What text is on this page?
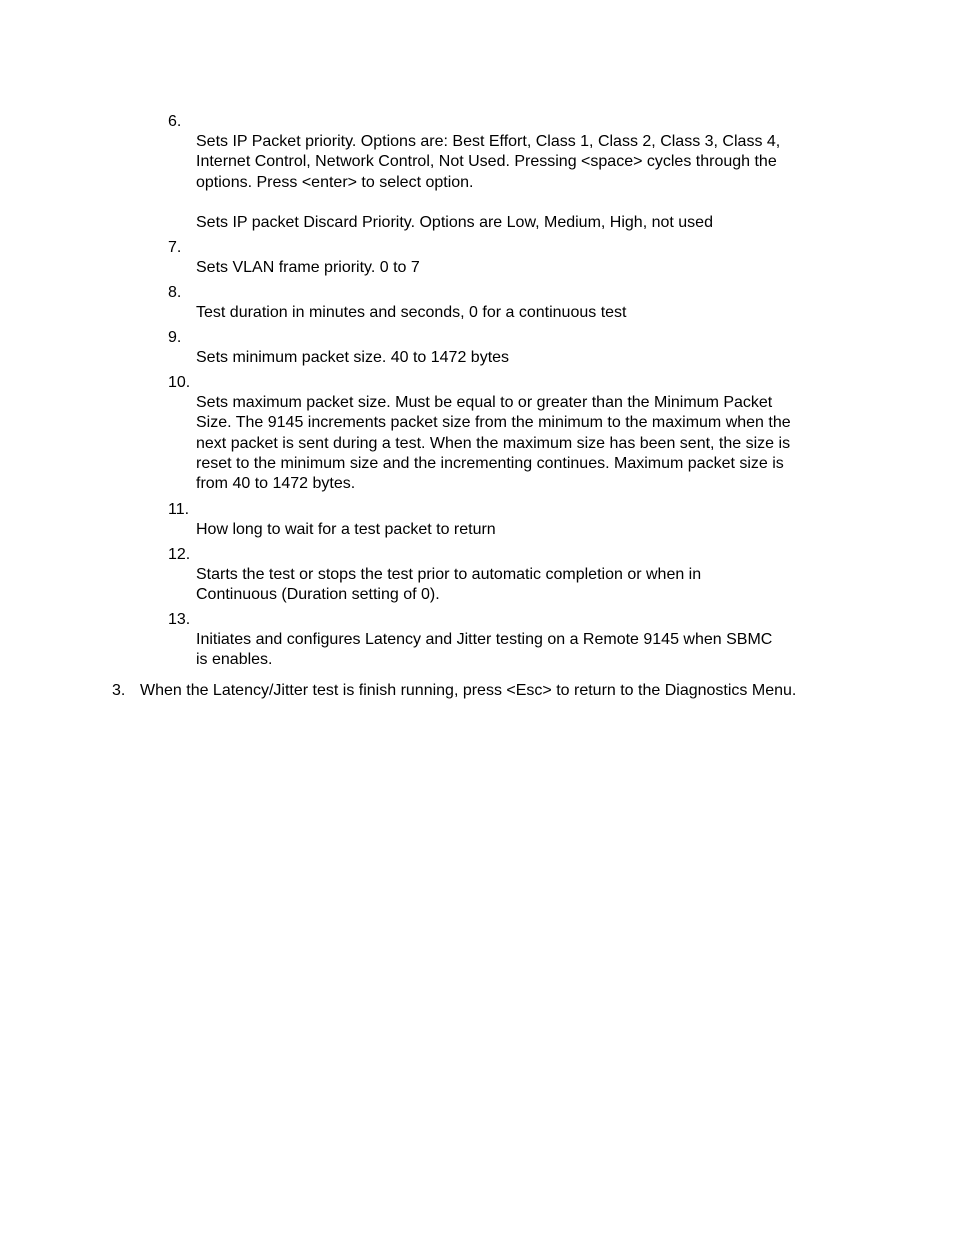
6.

Sets IP Packet priority. Options are: Best Effort, Class 1, Class 2, Class 3, Class 4, Internet Control, Network Control, Not Used. Pressing <space> cycles through the options. Press <enter> to select option.

Sets IP packet Discard Priority. Options are Low, Medium, High, not used

7.

Sets VLAN frame priority. 0 to 7

8.

Test duration in minutes and seconds, 0 for a continuous test

9.

Sets minimum packet size. 40 to 1472 bytes

10.

Sets maximum packet size. Must be equal to or greater than the Minimum Packet Size. The 9145 increments packet size from the minimum to the maximum when the next packet is sent during a test. When the maximum size has been sent, the size is reset to the minimum size and the incrementing continues. Maximum packet size is from 40 to 1472 bytes.

11.

How long to wait for a test packet to return

12.

Starts the test or stops the test prior to automatic completion or when in Continuous (Duration setting of 0).

13.

Initiates and configures Latency and Jitter testing on a Remote 9145 when SBMC is enables.

3. When the Latency/Jitter test is finish running, press <Esc> to return to the Diagnostics Menu.
